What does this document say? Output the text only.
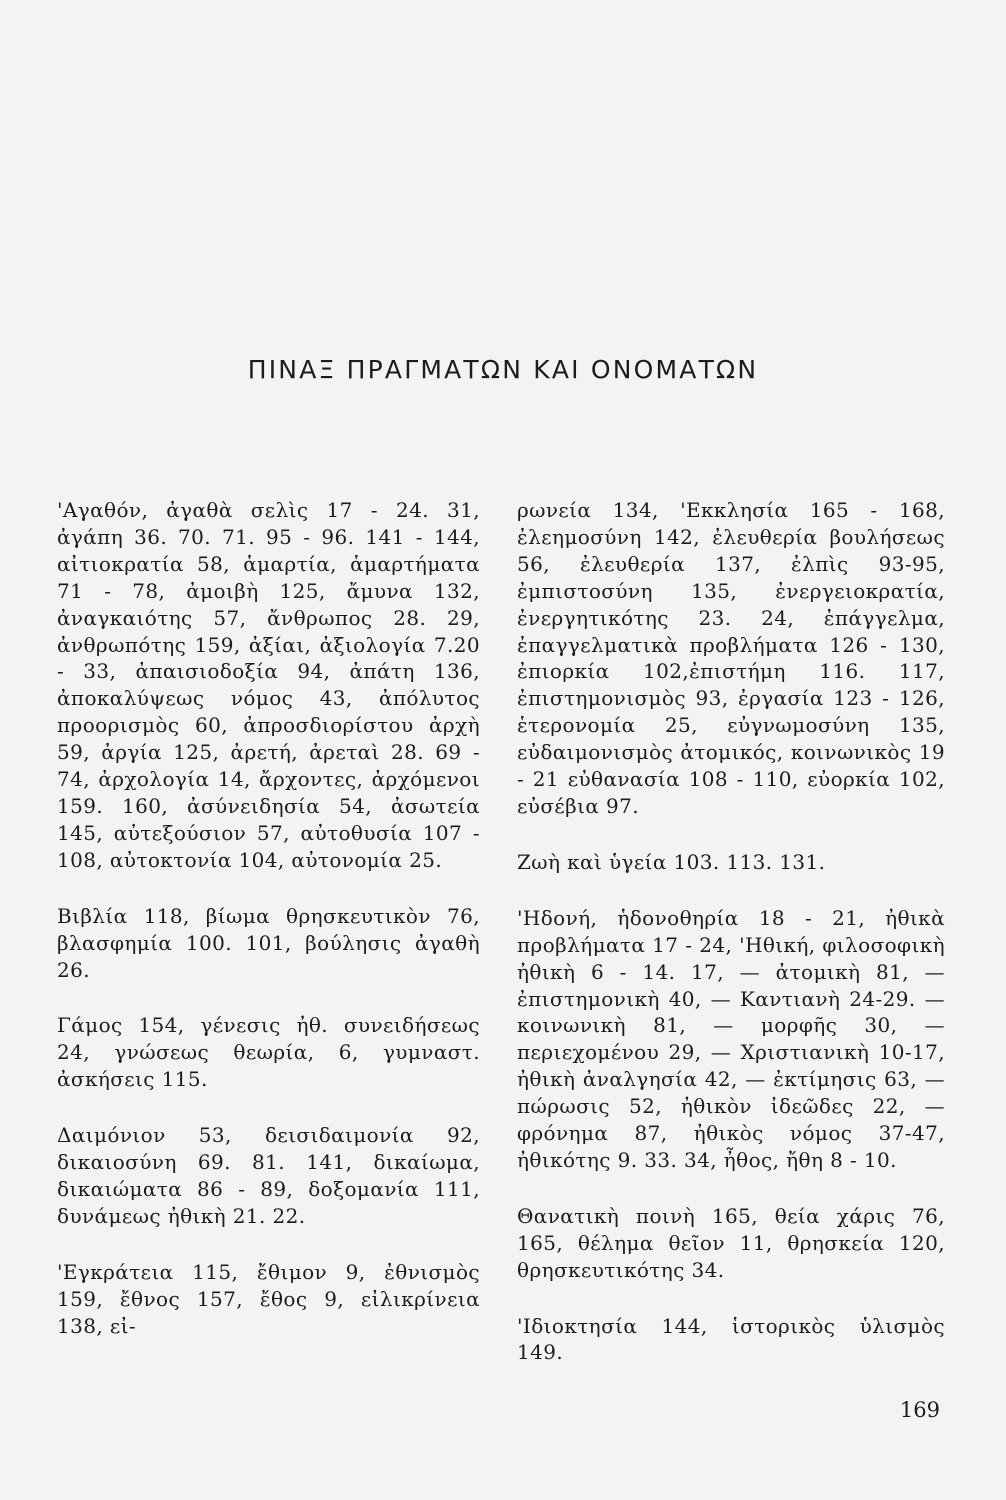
ΠΙΝΑΞ ΠΡΑΓΜΑΤΩΝ ΚΑΙ ΟΝΟΜΑΤΩΝ

'Αγαθόν, ἀγαθὰ σελὶς 17 - 24. 31, ἀγάπη 36. 70. 71. 95 - 96. 141 - 144, αἰτιοκρατία 58, ἁμαρτία, ἁμαρτήματα 71 - 78, ἀμοιβὴ 125, ἄμυνα 132, ἀναγκαιότης 57, ἄνθρωπος 28. 29, ἀνθρωπότης 159, ἀξίαι, ἀξιολογία 7.20 - 33, ἀπαισιοδοξία 94, ἀπάτη 136, ἀποκαλύψεως νόμος 43, ἀπόλυτος προορισμὸς 60, ἀπροσδιορίστου ἀρχὴ 59, ἀργία 125, ἀρετή, ἀρεταὶ 28. 69 - 74, ἀρχολογία 14, ἄρχοντες, ἀρχόμενοι 159. 160, ἀσύνειδησία 54, ἀσωτεία 145, αὐτεξούσιον 57, αὐτοθυσία 107 - 108, αὐτοκτονία 104, αὐτονομία 25.

Βιβλία 118, βίωμα θρησκευτικὸν 76, βλασφημία 100. 101, βούλησις ἀγαθὴ 26.

Γάμος 154, γένεσις ἠθ. συνειδήσεως 24, γνώσεως θεωρία, 6, γυμναστ. ἀσκήσεις 115.

Δαιμόνιον 53, δεισιδαιμονία 92, δικαιοσύνη 69. 81. 141, δικαίωμα, δικαιώματα 86 - 89, δοξομανία 111, δυνάμεως ἠθικὴ 21. 22.

'Εγκράτεια 115, ἔθιμον 9, ἐθνισμὸς 159, ἔθνος 157, ἔθος 9, εἰλικρίνεια 138, εἰ-

ρωνεία 134, 'Εκκλησία 165 - 168, ἐλεημοσύνη 142, ἐλευθερία βουλήσεως 56, ἐλευθερία 137, ἐλπὶς 93-95, ἐμπιστοσύνη 135, ἐνεργειοκρατία, ἐνεργητικότης 23. 24, ἐπάγγελμα, ἐπαγγελματικὰ προβλήματα 126 - 130, ἐπιορκία 102,ἐπιστήμη 116. 117, ἐπιστημονισμὸς 93, ἐργασία 123 - 126, ἑτερονομία 25, εὐγνωμοσύνη 135, εὐδαιμονισμὸς ἀτομικός, κοινωνικὸς 19 - 21 εὐθανασία 108 - 110, εὐορκία 102, εὐσέβια 97.

Ζωὴ καὶ ὑγεία 103. 113. 131.

'Ηδονή, ἡδονοθηρία 18 - 21, ἠθικὰ προβλήματα 17 - 24, 'Ηθική, φιλοσοφικὴ ἠθικὴ 6 - 14. 17, — ἀτομικὴ 81, — ἐπιστημονικὴ 40, — Καντιανὴ 24-29. — κοινωνικὴ 81, — μορφῆς 30, — περιεχομένου 29, — Χριστιανικὴ 10-17, ἠθικὴ ἀναλγησία 42, — ἐκτίμησις 63, — πώρωσις 52, ἠθικὸν ἰδεῶδες 22, — φρόνημα 87, ἠθικὸς νόμος 37-47, ἠθικότης 9. 33. 34, ἦθος, ἤθη 8 - 10.

Θανατικὴ ποινὴ 165, θεία χάρις 76, 165, θέλημα θεῖον 11, θρησκεία 120, θρησκευτικότης 34.

'Ιδιοκτησία 144, ἱστορικὸς ὑλισμὸς 149.

169
